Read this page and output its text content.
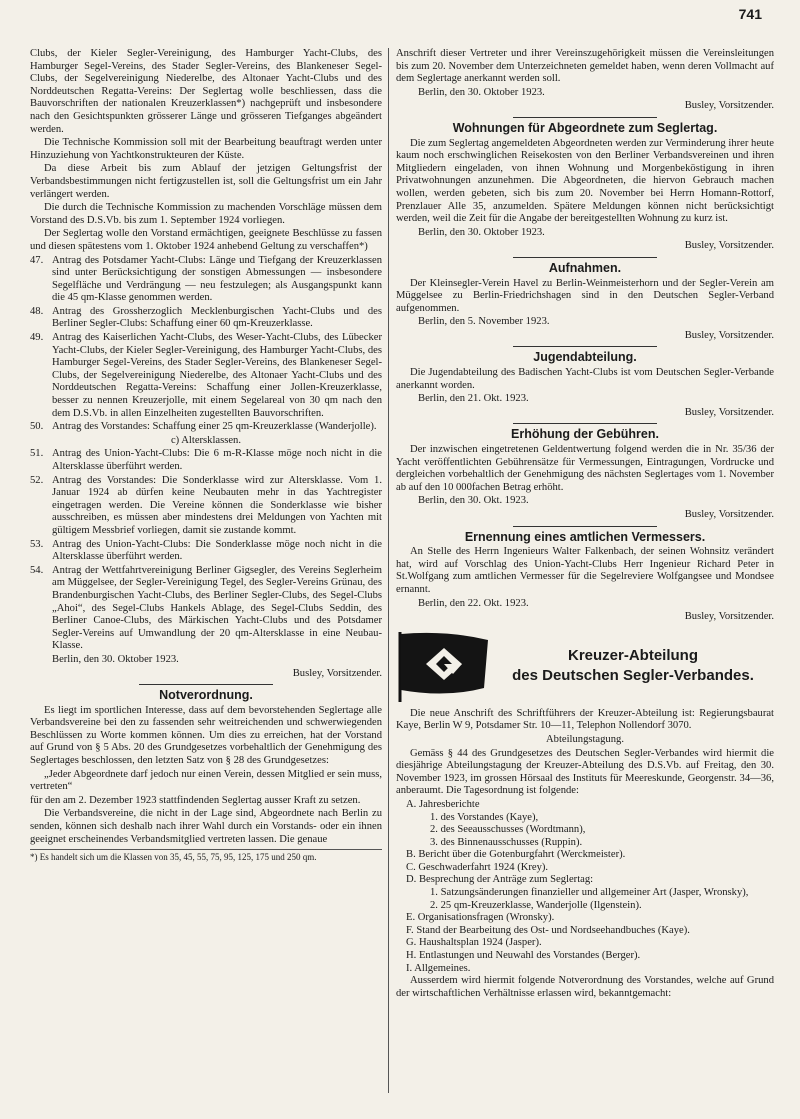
741

Clubs, der Kieler Segler-Vereinigung, des Hamburger Yacht-Clubs, des Hamburger Segel-Vereins, des Stader Segler-Vereins, des Blankeneser Segel-Clubs, der Segelvereinigung Niederelbe, des Altonaer Yacht-Clubs und des Norddeutschen Regatta-Vereins: Der Seglertag wolle beschliessen, dass die Bauvorschriften der nationalen Kreuzerklassen*) nachgeprüft und insbesondere nach den Gesichtspunkten grösserer Länge und grösseren Tiefganges abgeändert werden.

Die Technische Kommission soll mit der Bearbeitung beauftragt werden unter Hinzuziehung von Yachtkonstrukteuren der Küste.

Da diese Arbeit bis zum Ablauf der jetzigen Geltungsfrist der Verbandsbestimmungen nicht fertigzustellen ist, soll die Geltungsfrist um ein Jahr verlängert werden.

Die durch die Technische Kommission zu machenden Vorschläge müssen dem Vorstand des D.S.Vb. bis zum 1. September 1924 vorliegen.

Der Seglertag wolle den Vorstand ermächtigen, geeignete Beschlüsse zu fassen und diesen spätestens vom 1. Oktober 1924 anhebend Geltung zu verschaffen*)

47. Antrag des Potsdamer Yacht-Clubs: Länge und Tiefgang der Kreuzerklassen sind unter Berücksichtigung der sonstigen Abmessungen — insbesondere Segelfläche und Verdrängung — neu festzulegen; als Ausgangspunkt kann die 45 qm-Klasse genommen werden.
48. Antrag des Grossherzoglich Mecklenburgischen Yacht-Clubs und des Berliner Segler-Clubs: Schaffung einer 60 qm-Kreuzerklasse.
49. Antrag des Kaiserlichen Yacht-Clubs, des Weser-Yacht-Clubs, des Lübecker Yacht-Clubs, der Kieler Segler-Vereinigung, des Hamburger Yacht-Clubs, des Hamburger Segel-Vereins, des Stader Segler-Vereins, des Blankeneser Segel-Clubs, der Segelvereinigung Niederelbe, des Altonaer Yacht-Clubs und des Norddeutschen Regatta-Vereins: Schaffung einer Jollen-Kreuzerklasse, besser zu nennen Kreuzerjolle, mit einem Segelareal von 30 qm nach den dem D.S.Vb. in allen Einzelheiten zugestellten Bauvorschriften.
50. Antrag des Vorstandes: Schaffung einer 25 qm-Kreuzerklasse (Wanderjolle).

c) Altersklassen.

51. Antrag des Union-Yacht-Clubs: Die 6 m-R-Klasse möge noch nicht in die Altersklasse überführt werden.
52. Antrag des Vorstandes: Die Sonderklasse wird zur Altersklasse. Vom 1. Januar 1924 ab dürfen keine Neubauten mehr in das Yachtregister eingetragen werden. Die Vereine können die Sonderklasse wie bisher ausschreiben, es müssen aber mindestens drei Meldungen von Yachten mit gültigem Messbrief vorliegen, damit sie zustande kommt.
53. Antrag des Union-Yacht-Clubs: Die Sonderklasse möge noch nicht in die Altersklasse überführt werden.
54. Antrag der Wettfahrtvereinigung Berliner Gigsegler, des Vereins Seglerheim am Müggelsee, der Segler-Vereinigung Tegel, des Segler-Vereins Grünau, des Brandenburgischen Yacht-Clubs, des Berliner Segler-Clubs, des Segel-Clubs „Ahoi“, des Segel-Clubs Hankels Ablage, des Segel-Clubs Seddin, des Berliner Canoe-Clubs, des Märkischen Yacht-Clubs und des Potsdamer Segler-Vereins auf Umwandlung der 20 qm-Altersklasse in eine Neubau-Klasse.

Berlin, den 30. Oktober 1923.

Busley, Vorsitzender.

Notverordnung.

Es liegt im sportlichen Interesse, dass auf dem bevorstehenden Seglertage alle Verbandsvereine bei den zu fassenden sehr weitreichenden und schwerwiegenden Beschlüssen zu Worte kommen können. Um dies zu erreichen, hat der Vorstand auf Grund von § 5 Abs. 20 des Grundgesetzes vorbehaltlich der Genehmigung des Seglertages beschlossen, den letzten Satz von § 28 des Grundgesetzes:

„Jeder Abgeordnete darf jedoch nur einen Verein, dessen Mitglied er sein muss, vertreten“

für den am 2. Dezember 1923 stattfindenden Seglertag ausser Kraft zu setzen.

Die Verbandsvereine, die nicht in der Lage sind, Abgeordnete nach Berlin zu senden, können sich deshalb nach ihrer Wahl durch ein Vorstands- oder ein ihnen geeignet erscheinendes Verbandsmitglied vertreten lassen. Die genaue

*) Es handelt sich um die Klassen von 35, 45, 55, 75, 95, 125, 175 und 250 qm.

Anschrift dieser Vertreter und ihrer Vereinszugehörigkeit müssen die Vereinsleitungen bis zum 20. November dem Unterzeichneten gemeldet haben, wenn deren Vollmacht auf dem Seglertage anerkannt werden soll.

Berlin, den 30. Oktober 1923.

Busley, Vorsitzender.

Wohnungen für Abgeordnete zum Seglertag.

Die zum Seglertag angemeldeten Abgeordneten werden zur Verminderung ihrer heute kaum noch erschwinglichen Reisekosten von den Berliner Verbandsvereinen und ihren Mitgliedern eingeladen, von ihnen Wohnung und Morgenbeköstigung in ihren Privatwohnungen anzunehmen. Die Abgeordneten, die hiervon Gebrauch machen wollen, werden gebeten, sich bis zum 20. November bei Herrn Homann-Rottorf, Prenzlauer Alle 35, anzumelden. Spätere Meldungen können nicht berücksichtigt werden, weil die Zeit für die Angabe der bereitgestellten Wohnung zu kurz ist.

Berlin, den 30. Oktober 1923.

Busley, Vorsitzender.

Aufnahmen.

Der Kleinsegler-Verein Havel zu Berlin-Weinmeisterhorn und der Segler-Verein am Müggelsee zu Berlin-Friedrichshagen sind in den Deutschen Segler-Verband aufgenommen.

Berlin, den 5. November 1923.

Busley, Vorsitzender.

Jugendabteilung.

Die Jugendabteilung des Badischen Yacht-Clubs ist vom Deutschen Segler-Verbande anerkannt worden.

Berlin, den 21. Okt. 1923.

Busley, Vorsitzender.

Erhöhung der Gebühren.

Der inzwischen eingetretenen Geldentwertung folgend werden die in Nr. 35/36 der Yacht veröffentlichten Gebührensätze für Vermessungen, Eintragungen, Vordrucke und dergleichen vorbehaltlich der Genehmigung des nächsten Seglertages vom 1. November ab auf den 10 000fachen Betrag erhöht.

Berlin, den 30. Okt. 1923.

Busley, Vorsitzender.

Ernennung eines amtlichen Vermessers.

An Stelle des Herrn Ingenieurs Walter Falkenbach, der seinen Wohnsitz verändert hat, wird auf Vorschlag des Union-Yacht-Clubs Herr Ingenieur Richard Peter in St.Wolfgang zum amtlichen Vermesser für die Segelreviere Wolfgangsee und Mondsee ernannt.

Berlin, den 22. Okt. 1923.

Busley, Vorsitzender.

Kreuzer-Abteilung
des Deutschen Segler-Verbandes.

Die neue Anschrift des Schriftführers der Kreuzer-Abteilung ist: Regierungsbaurat Kaye, Berlin W 9, Potsdamer Str. 10—11, Telephon Nollendorf 3070.

Abteilungstagung.

Gemäss § 44 des Grundgesetzes des Deutschen Segler-Verbandes wird hiermit die diesjährige Abteilungstagung der Kreuzer-Abteilung des D.S.Vb. auf Freitag, den 30. November 1923, im grossen Hörsaal des Instituts für Meereskunde, Georgenstr. 34—36, anberaumt. Die Tagesordnung ist folgende:

A. Jahresberichte
1. des Vorstandes (Kaye),
2. des Seeausschusses (Wordtmann),
3. des Binnenausschusses (Ruppin).
B. Bericht über die Gotenburgfahrt (Werckmeister).
C. Geschwaderfahrt 1924 (Krey).
D. Besprechung der Anträge zum Seglertag:
1. Satzungsänderungen finanzieller und allgemeiner Art (Jasper, Wronsky),
2. 25 qm-Kreuzerklasse, Wanderjolle (Ilgenstein).
E. Organisationsfragen (Wronsky).
F. Stand der Bearbeitung des Ost- und Nordseehandbuches (Kaye).
G. Haushaltsplan 1924 (Jasper).
H. Entlastungen und Neuwahl des Vorstandes (Berger).
I. Allgemeines.

Ausserdem wird hiermit folgende Notverordnung des Vorstandes, welche auf Grund der wirtschaftlichen Verhältnisse erlassen wird, bekanntgemacht:
